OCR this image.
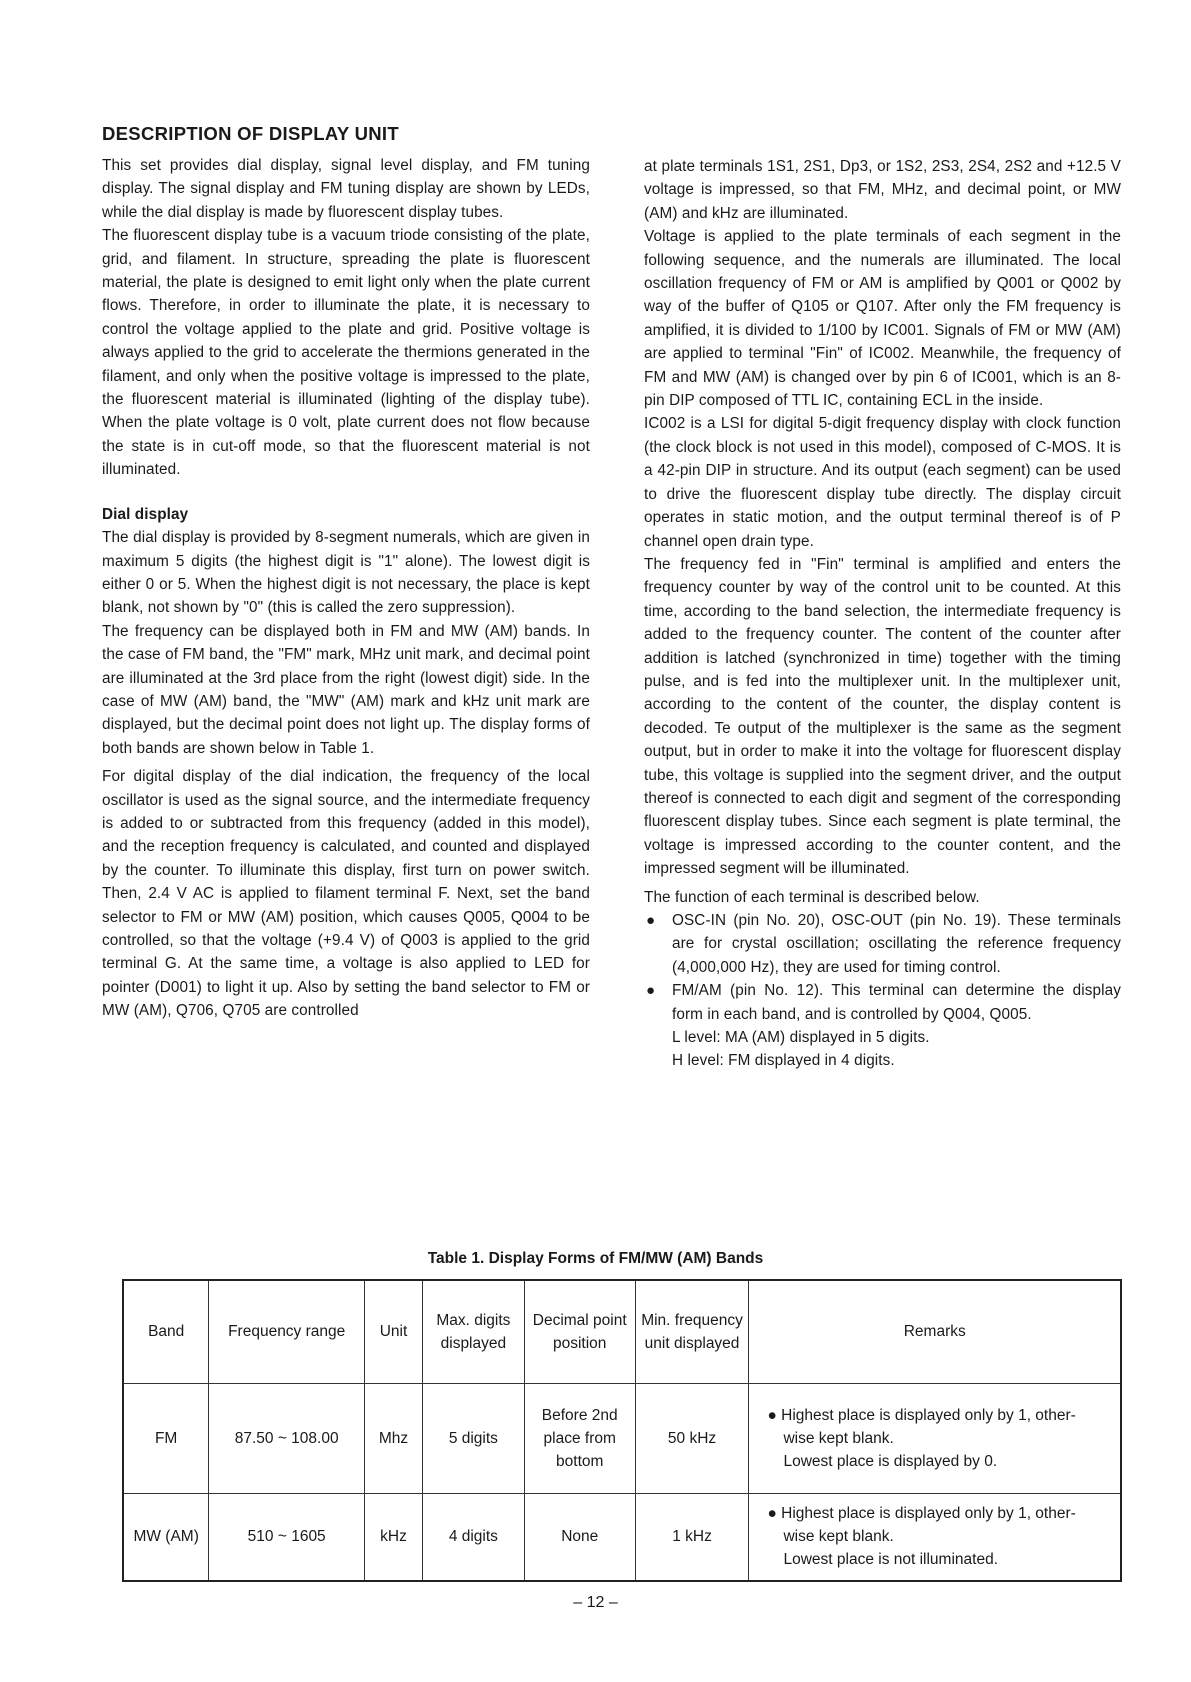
DESCRIPTION OF DISPLAY UNIT

This set provides dial display, signal level display, and FM tuning display. The signal display and FM tuning display are shown by LEDs, while the dial display is made by fluorescent display tubes.

The fluorescent display tube is a vacuum triode consisting of the plate, grid, and filament. In structure, spreading the plate is fluorescent material, the plate is designed to emit light only when the plate current flows. Therefore, in order to illuminate the plate, it is necessary to control the voltage applied to the plate and grid. Positive voltage is always applied to the grid to accelerate the thermions generated in the filament, and only when the positive voltage is impressed to the plate, the fluorescent material is illuminated (lighting of the display tube). When the plate voltage is 0 volt, plate current does not flow because the state is in cut-off mode, so that the fluorescent material is not illuminated.

Dial display

The dial display is provided by 8-segment numerals, which are given in maximum 5 digits (the highest digit is "1" alone). The lowest digit is either 0 or 5. When the highest digit is not necessary, the place is kept blank, not shown by "0" (this is called the zero suppression).

The frequency can be displayed both in FM and MW (AM) bands. In the case of FM band, the "FM" mark, MHz unit mark, and decimal point are illuminated at the 3rd place from the right (lowest digit) side. In the case of MW (AM) band, the "MW" (AM) mark and kHz unit mark are displayed, but the decimal point does not light up. The display forms of both bands are shown below in Table 1.

For digital display of the dial indication, the frequency of the local oscillator is used as the signal source, and the intermediate frequency is added to or subtracted from this frequency (added in this model), and the reception frequency is calculated, and counted and displayed by the counter. To illuminate this display, first turn on power switch. Then, 2.4 V AC is applied to filament terminal F. Next, set the band selector to FM or MW (AM) position, which causes Q005, Q004 to be controlled, so that the voltage (+9.4 V) of Q003 is applied to the grid terminal G. At the same time, a voltage is also applied to LED for pointer (D001) to light it up. Also by setting the band selector to FM or MW (AM), Q706, Q705 are controlled

at plate terminals 1S1, 2S1, Dp3, or 1S2, 2S3, 2S4, 2S2 and +12.5 V voltage is impressed, so that FM, MHz, and decimal point, or MW (AM) and kHz are illuminated.

Voltage is applied to the plate terminals of each segment in the following sequence, and the numerals are illuminated. The local oscillation frequency of FM or AM is amplified by Q001 or Q002 by way of the buffer of Q105 or Q107. After only the FM frequency is amplified, it is divided to 1/100 by IC001. Signals of FM or MW (AM) are applied to terminal "Fin" of IC002. Meanwhile, the frequency of FM and MW (AM) is changed over by pin 6 of IC001, which is an 8-pin DIP composed of TTL IC, containing ECL in the inside.

IC002 is a LSI for digital 5-digit frequency display with clock function (the clock block is not used in this model), composed of C-MOS. It is a 42-pin DIP in structure. And its output (each segment) can be used to drive the fluorescent display tube directly. The display circuit operates in static motion, and the output terminal thereof is of P channel open drain type.

The frequency fed in "Fin" terminal is amplified and enters the frequency counter by way of the control unit to be counted. At this time, according to the band selection, the intermediate frequency is added to the frequency counter. The content of the counter after addition is latched (synchronized in time) together with the timing pulse, and is fed into the multiplexer unit. In the multiplexer unit, according to the content of the counter, the display content is decoded. Te output of the multiplexer is the same as the segment output, but in order to make it into the voltage for fluorescent display tube, this voltage is supplied into the segment driver, and the output thereof is connected to each digit and segment of the corresponding fluorescent display tubes. Since each segment is plate terminal, the voltage is impressed according to the counter content, and the impressed segment will be illuminated.

The function of each terminal is described below.

● OSC-IN (pin No. 20), OSC-OUT (pin No. 19). These terminals are for crystal oscillation; oscillating the reference frequency (4,000,000 Hz), they are used for timing control.
● FM/AM (pin No. 12). This terminal can determine the display form in each band, and is controlled by Q004, Q005.
L level: MA (AM) displayed in 5 digits.
H level: FM displayed in 4 digits.
Table 1. Display Forms of FM/MW (AM) Bands
Band	Frequency range	Unit	Max. digits displayed	Decimal point position	Min. frequency unit displayed	Remarks
FM	87.50 ~ 108.00	Mhz	5 digits	Before 2nd place from bottom	50 kHz	● Highest place is displayed only by 1, other-
wise kept blank.
Lowest place is displayed by 0.

MW (AM)	510 ~ 1605	kHz	4 digits	None	1 kHz	● Highest place is displayed only by 1, other-
wise kept blank.
Lowest place is not illuminated.
– 12 –
